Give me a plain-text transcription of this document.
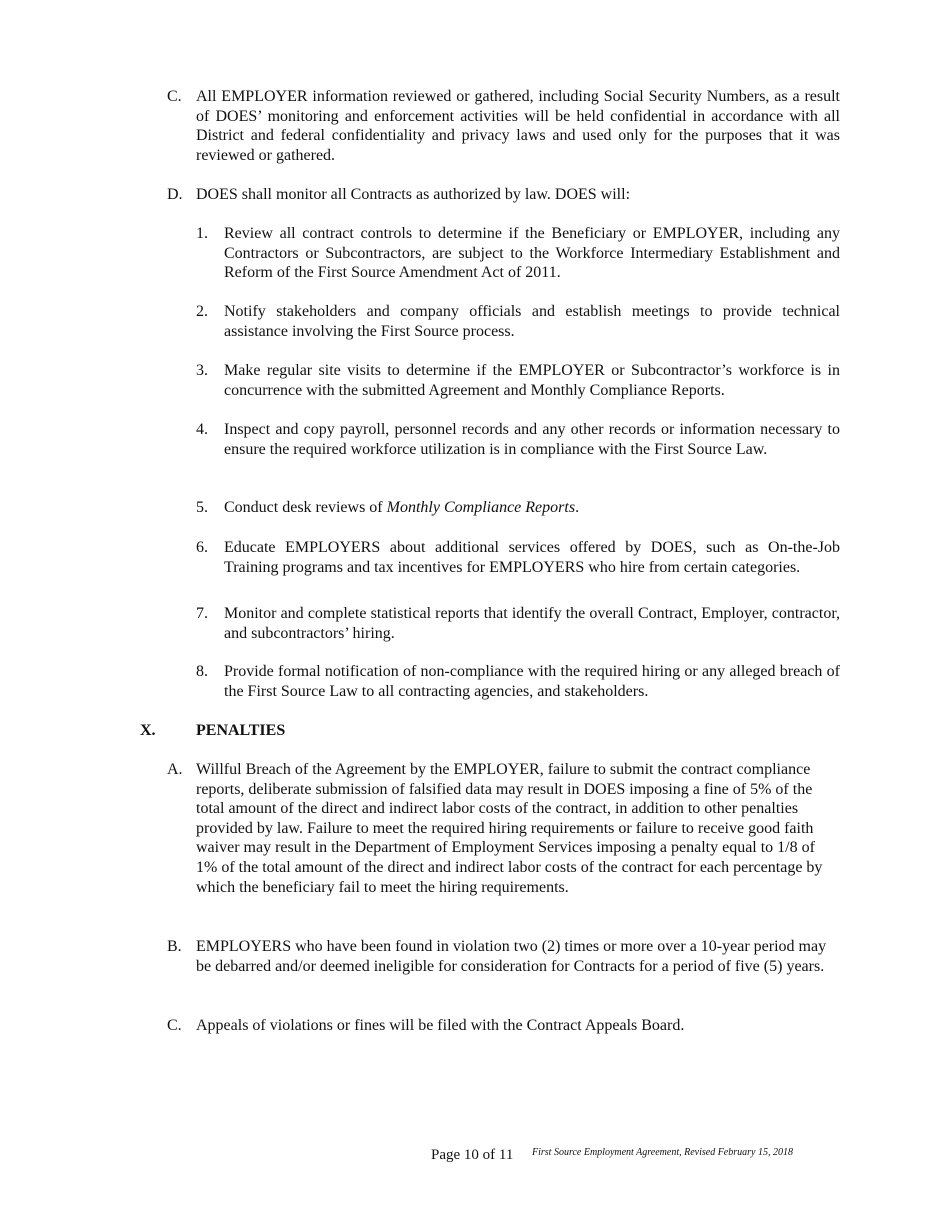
C. All EMPLOYER information reviewed or gathered, including Social Security Numbers, as a result of DOES’ monitoring and enforcement activities will be held confidential in accordance with all District and federal confidentiality and privacy laws and used only for the purposes that it was reviewed or gathered.
D. DOES shall monitor all Contracts as authorized by law. DOES will:
1.	Review all contract controls to determine if the Beneficiary or EMPLOYER, including any Contractors or Subcontractors, are subject to the Workforce Intermediary Establishment and Reform of the First Source Amendment Act of 2011.
2.	Notify stakeholders and company officials and establish meetings to provide technical assistance involving the First Source process.
3.	Make regular site visits to determine if the EMPLOYER or Subcontractor’s workforce is in concurrence with the submitted Agreement and Monthly Compliance Reports.
4.	Inspect and copy payroll, personnel records and any other records or information necessary to ensure the required workforce utilization is in compliance with the First Source Law.
5.	Conduct desk reviews of Monthly Compliance Reports.
6.	Educate EMPLOYERS about additional services offered by DOES, such as On-the-Job Training programs and tax incentives for EMPLOYERS who hire from certain categories.
7.	Monitor and complete statistical reports that identify the overall Contract, Employer, contractor, and subcontractors’ hiring.
8.	Provide formal notification of non-compliance with the required hiring or any alleged breach of the First Source Law to all contracting agencies, and stakeholders.
X.	PENALTIES
A. Willful Breach of the Agreement by the EMPLOYER, failure to submit the contract compliance reports, deliberate submission of falsified data may result in DOES imposing a fine of 5% of the total amount of the direct and indirect labor costs of the contract, in addition to other penalties provided by law. Failure to meet the required hiring requirements or failure to receive good faith waiver may result in the Department of Employment Services imposing a penalty equal to 1/8 of 1% of the total amount of the direct and indirect labor costs of the contract for each percentage by which the beneficiary fail to meet the hiring requirements.
B. EMPLOYERS who have been found in violation two (2) times or more over a 10-year period may be debarred and/or deemed ineligible for consideration for Contracts for a period of five (5) years.
C. Appeals of violations or fines will be filed with the Contract Appeals Board.
Page 10 of 11 First Source Employment Agreement, Revised February 15, 2018
